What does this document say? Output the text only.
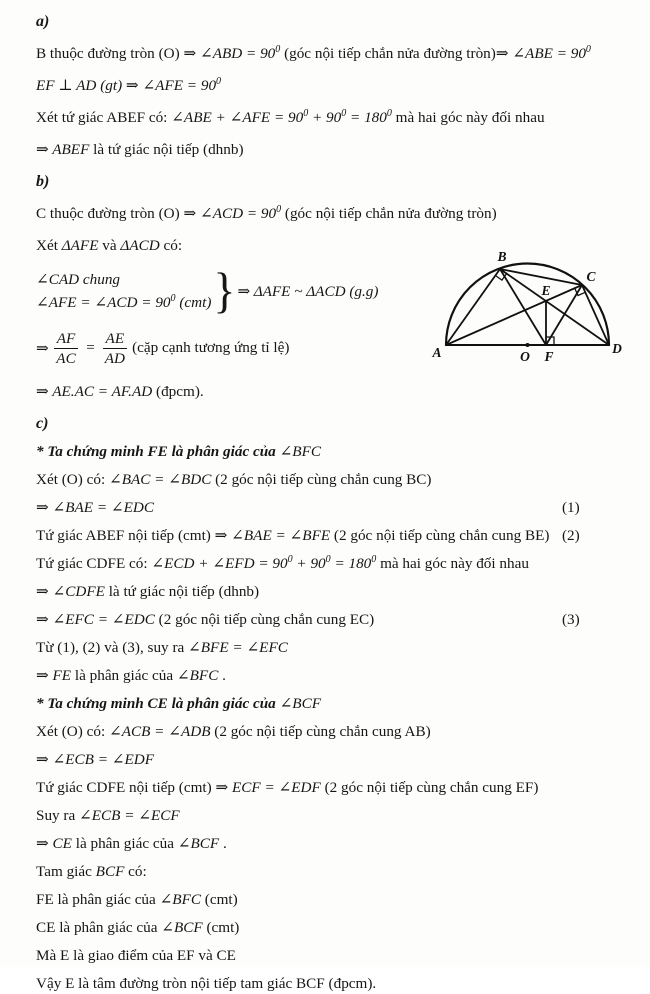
a)
B thuộc đường tròn (O) ⇒ ∠ABD = $90^0$ (góc nội tiếp chắn nửa đường tròn)⇒ ∠ABE = $90^0$
EF ⊥ AD (gt) ⇒ ∠AFE = $90^0$
Xét tứ giác ABEF có: ∠ABE + ∠AFE = $90^0 + 90^0 = 180^0$ mà hai góc này đối nhau
⇒ ABEF là tứ giác nội tiếp (dhnb)
b)
C thuộc đường tròn (O) ⇒ ∠ACD = $90^0$ (góc nội tiếp chắn nửa đường tròn)
Xét ΔAFE và ΔACD có:
∠CAD chung
∠AFE = ∠ACD = $90^0$ (cmt) } ⇒ ΔAFE ~ ΔACD (g.g)
⇒ $\frac{AF}{AC} = \frac{AE}{AD}$ (cặp cạnh tương ứng tỉ lệ)
⇒ AE.AC = AF.AD (đpcm).
c)
* Ta chứng minh FE là phân giác của ∠BFC
Xét (O) có: ∠BAC = ∠BDC (2 góc nội tiếp cùng chắn cung BC)
⇒ ∠BAE = ∠EDC	(1)
Tứ giác ABEF nội tiếp (cmt) ⇒ ∠BAE = ∠BFE (2 góc nội tiếp cùng chắn cung BE) (2)
Tứ giác CDFE có: ∠ECD + ∠EFD = $90^0 + 90^0 = 180^0$ mà hai góc này đối nhau
⇒ ∠CDFE là tứ giác nội tiếp (dhnb)
⇒ ∠EFC = ∠EDC (2 góc nội tiếp cùng chắn cung EC)	(3)
Từ (1), (2) và (3), suy ra ∠BFE = ∠EFC
⇒ FE là phân giác của ∠BFC .
* Ta chứng minh CE là phân giác của ∠BCF
Xét (O) có: ∠ACB = ∠ADB (2 góc nội tiếp cùng chắn cung AB)
⇒ ∠ECB = ∠EDF
Tứ giác CDFE nội tiếp (cmt) ⇒ ECF = ∠EDF (2 góc nội tiếp cùng chắn cung EF)
Suy ra ∠ECB = ∠ECF
⇒ CE là phân giác của ∠BCF .
Tam giác BCF có:
FE là phân giác của ∠BFC (cmt)
CE là phân giác của ∠BCF (cmt)
Mà E là giao điểm của EF và CE
Vậy E là tâm đường tròn nội tiếp tam giác BCF (đpcm).
A
B
C
D
E
F
O
